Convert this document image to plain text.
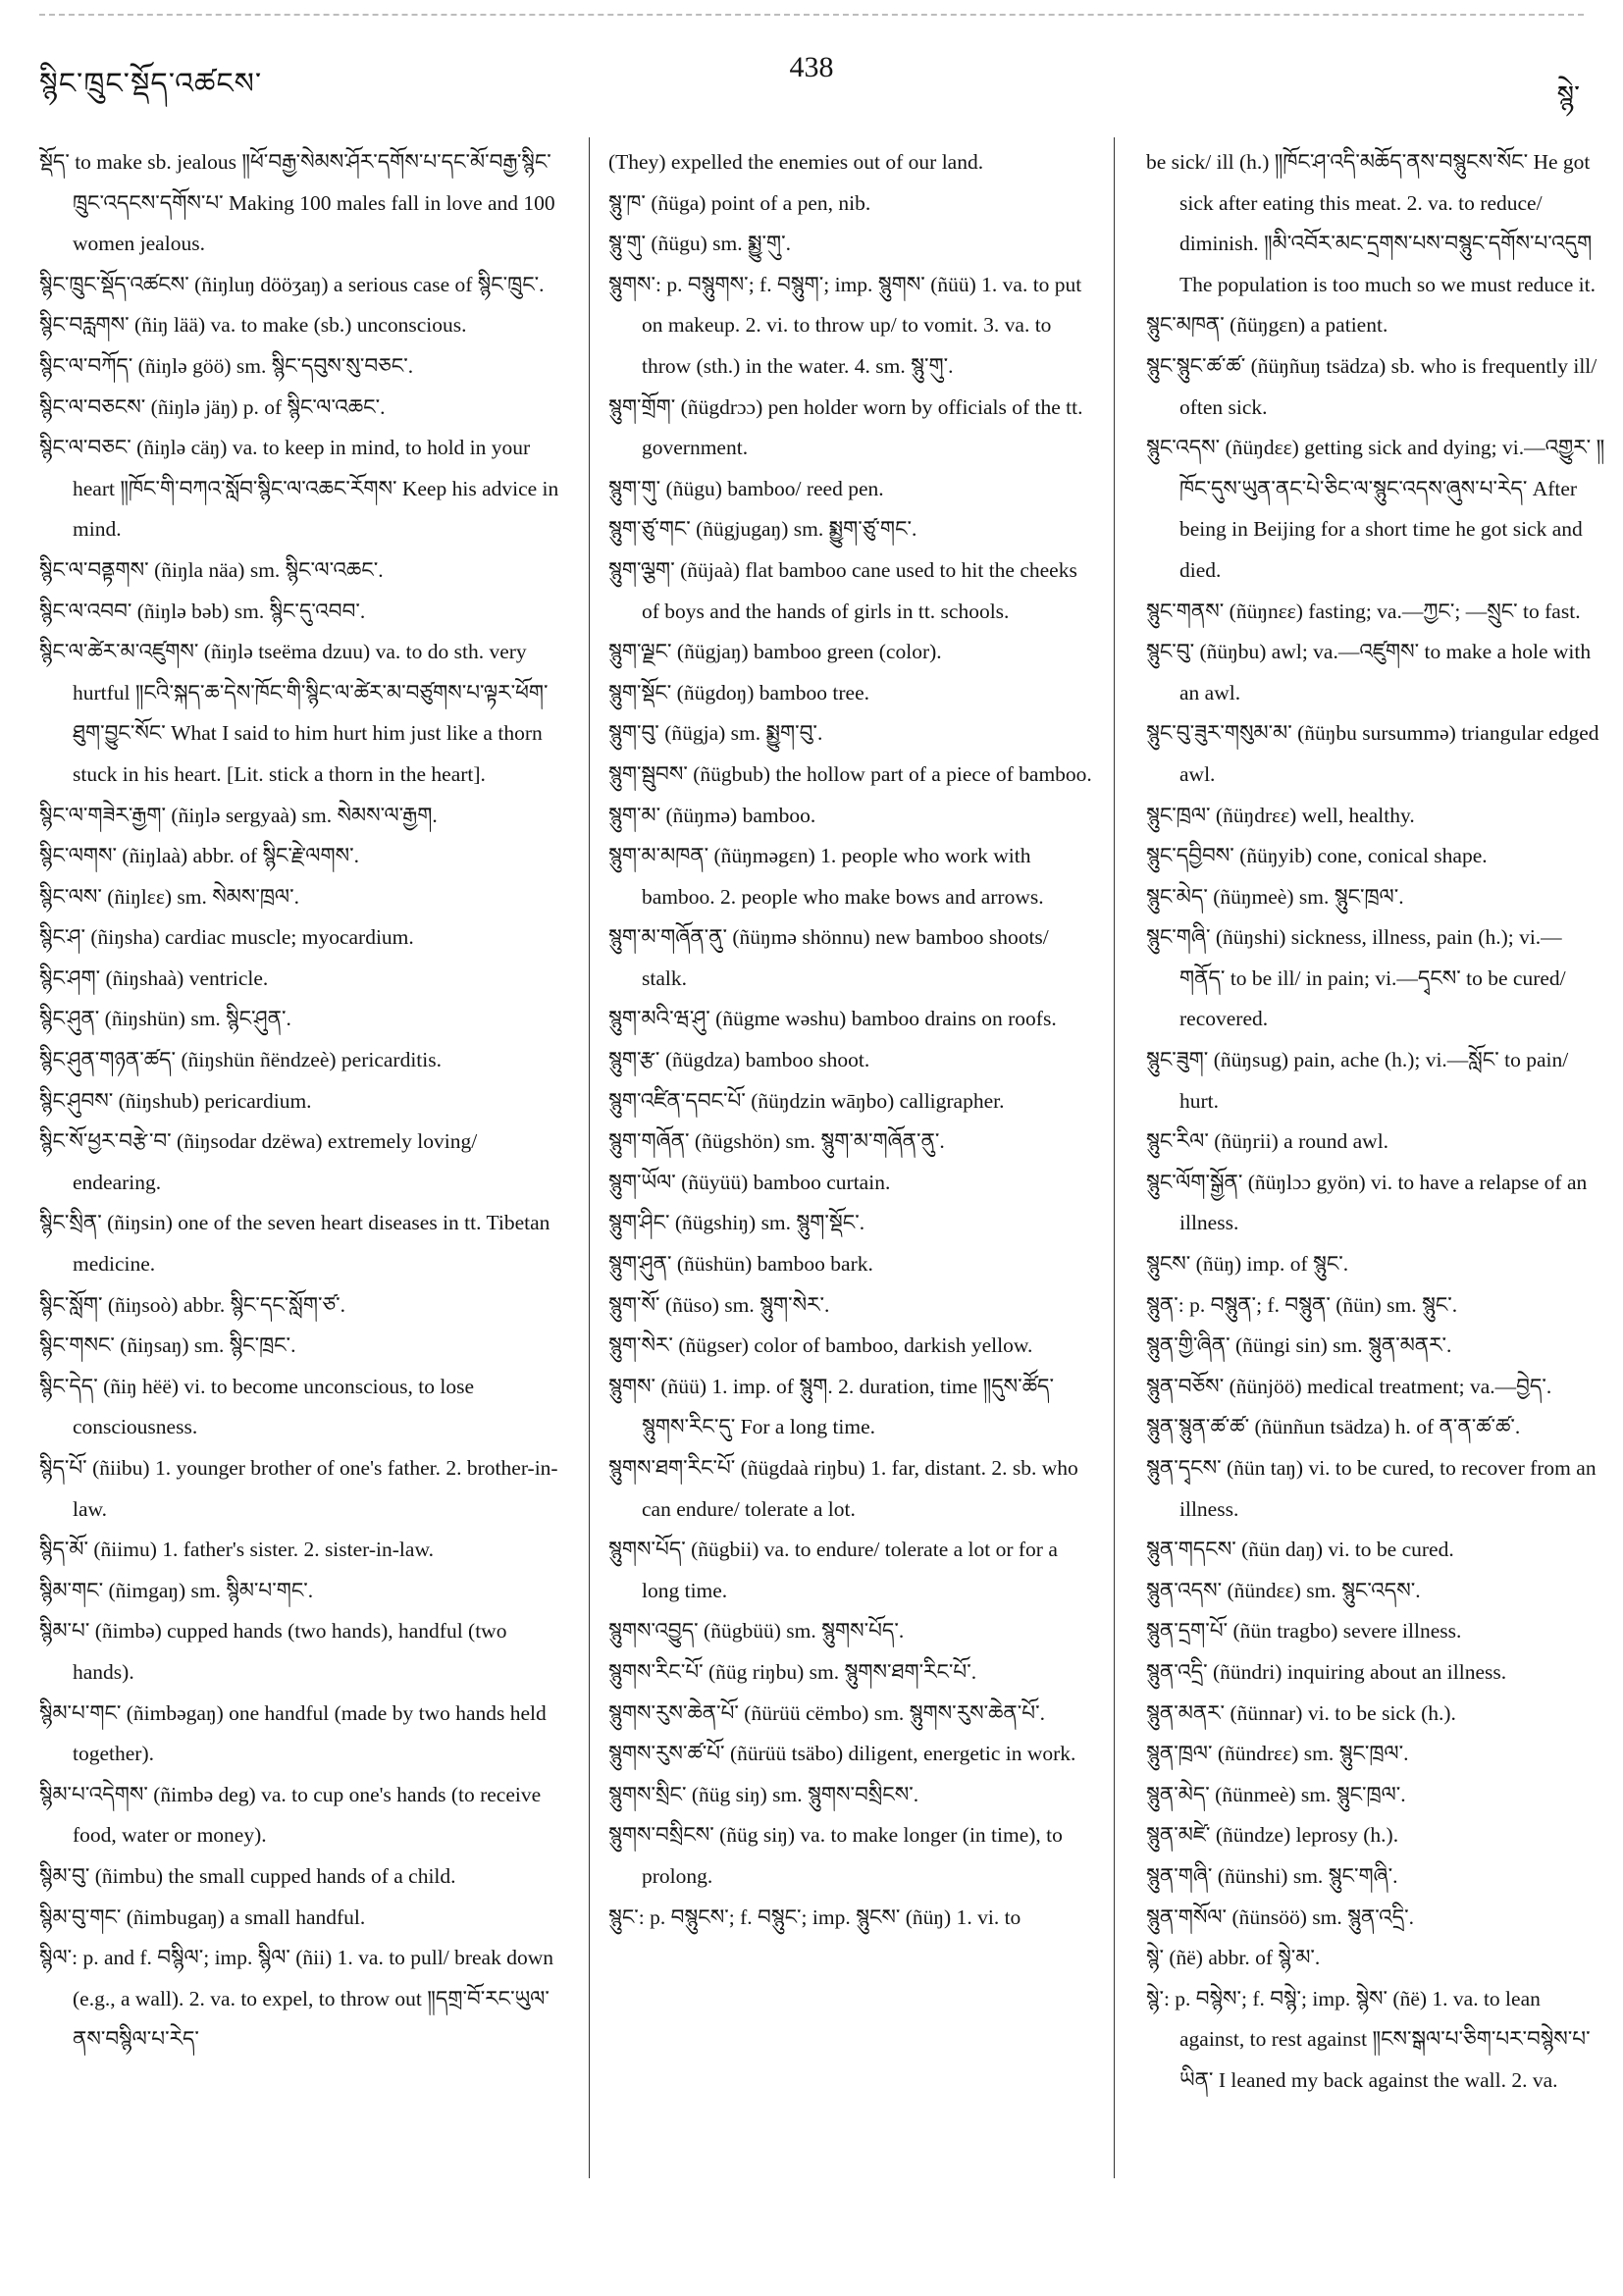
སྙིང་ཁྲུང་སྡོད་འཚངས་
438
སྙེ་

སྡོད་ to make sb. jealous ༎ཕོ་བརྒྱ་སེམས་ཤོར་དགོས་པ་དང་མོ་བརྒྱ་སྙིང་ཁྲུང་འདངས་དགོས་པ་ Making 100 males fall in love and 100 women jealous.

སྙིང་ཁྲུང་སྡོད་འཚངས་ (ñiŋluŋ dööӡaŋ) a serious case of སྙིང་ཁྲུང་.

སྙིང་བརླགས་ (ñiŋ lää) va. to make (sb.) unconscious.

སྙིང་ལ་བཀོད་ (ñiŋlə göö) sm. སྙིང་དབུས་སུ་བཅང་.

སྙིང་ལ་བཅངས་ (ñiŋlə jäŋ) p. of སྙིང་ལ་འཆང་.

སྙིང་ལ་བཅང་ (ñiŋlə cäŋ) va. to keep in mind, to hold in your heart ༎ཁོང་གི་བཀའ་སློབ་སྙིང་ལ་འཆང་རོགས་ Keep his advice in mind.

སྙིང་ལ་བནྟགས་ (ñiŋla näa) sm. སྙིང་ལ་འཆང་.

སྙིང་ལ་འབབ་ (ñiŋlə bəb) sm. སྙིང་དུ་འབབ་.

སྙིང་ལ་ཚེར་མ་འཛུགས་ (ñiŋlə tseëma dzuu) va. to do sth. very hurtful ༎ངའི་སྐད་ཆ་དེས་ཁོང་གི་སྙིང་ལ་ཚེར་མ་བཙུགས་པ་ལྟར་ཕོག་ཐུག་བྱུང་སོང་ What I said to him hurt him just like a thorn stuck in his heart. [Lit. stick a thorn in the heart].

སྙིང་ལ་གཟེར་རྒྱག་ (ñiŋlə sergyaà) sm. སེམས་ལ་རྒྱག.

སྙིང་ལགས་ (ñiŋlaà) abbr. of སྙིང་རྗེ་ལགས་.

སྙིང་ལས་ (ñiŋlɛɛ) sm. སེམས་ཁྲལ་.

སྙིང་ཤ་ (ñiŋsha) cardiac muscle; myocardium.

སྙིང་ཤག་ (ñiŋshaà) ventricle.

སྙིང་ཤུན་ (ñiŋshün) sm. སྙིང་ཤུན་.

སྙིང་ཤུན་གཉན་ཚད་ (ñiŋshün ñëndzeè) pericarditis.

སྙིང་ཤུབས་ (ñiŋshub) pericardium.

སྙིང་སོ་ཕྱར་བརྩེ་བ་ (ñiŋsodar dzëwa) extremely loving/ endearing.

སྙིང་སྲིན་ (ñiŋsin) one of the seven heart diseases in tt. Tibetan medicine.

སྙིང་སློག་ (ñiŋsoò) abbr. སྙིང་དང་སློག་ཙ་.

སྙིང་གསང་ (ñiŋsaŋ) sm. སྙིང་ཁྲང་.

སྙིང་དེད་ (ñiŋ hëë) vi. to become unconscious, to lose consciousness.

སྙིད་པོ་ (ñiibu) 1. younger brother of one's father. 2. brother-in-law.

སྙིད་མོ་ (ñiimu) 1. father's sister. 2. sister-in-law.

སྙིམ་གང་ (ñimgaŋ) sm. སྙིམ་པ་གང་.

སྙིམ་པ་ (ñimbə) cupped hands (two hands), handful (two hands).

སྙིམ་པ་གང་ (ñimbəgaŋ) one handful (made by two hands held together).

སྙིམ་པ་འདེགས་ (ñimbə deg) va. to cup one's hands (to receive food, water or money).

སྙིམ་བུ་ (ñimbu) the small cupped hands of a child.

སྙིམ་བུ་གང་ (ñimbugaŋ) a small handful.

སྙིལ་: p. and f. བསྙིལ་; imp. སྙིལ་ (ñii) 1. va. to pull/ break down (e.g., a wall). 2. va. to expel, to throw out ༎དགྲ་བོ་རང་ཡུལ་ནས་བསྙིལ་པ་རེད་

(They) expelled the enemies out of our land.

སྙུ་ཁ་ (ñüga) point of a pen, nib.

སྙུ་གུ་ (ñügu) sm. སྨྱུ་གུ་.

སྙུགས་: p. བསྙུགས་; f. བསྙུག་; imp. སྙུགས་ (ñüü) 1. va. to put on makeup. 2. vi. to throw up/ to vomit. 3. va. to throw (sth.) in the water. 4. sm. སྙུ་གུ་.

སྙུག་གྲོག་ (ñügdrɔɔ) pen holder worn by officials of the tt. government.

སྙུག་གུ་ (ñügu) bamboo/ reed pen.

སྙུག་ཙུ་གང་ (ñügjugaŋ) sm. སྨྱུག་ཙུ་གང་.

སྙུག་ལྕག་ (ñüjaà) flat bamboo cane used to hit the cheeks of boys and the hands of girls in tt. schools.

སྙུག་ལྗང་ (ñügjaŋ) bamboo green (color).

སྙུག་སྡོང་ (ñügdoŋ) bamboo tree.

སྙུག་བུ་ (ñügja) sm. སྨྱུག་བུ་.

སྙུག་སྦུབས་ (ñügbub) the hollow part of a piece of bamboo.

སྙུག་མ་ (ñüŋmə) bamboo.

སྙུག་མ་མཁན་ (ñüŋməgɛn) 1. people who work with bamboo. 2. people who make bows and arrows.

སྙུག་མ་གཞོན་ནུ་ (ñüŋmə shönnu) new bamboo shoots/ stalk.

སྙུག་མའི་ཝ་ཤུ་ (ñügme wəshu) bamboo drains on roofs.

སྙུག་རྩ་ (ñügdza) bamboo shoot.

སྙུག་འཛིན་དབང་པོ་ (ñüŋdzin wāŋbo) calligrapher.

སྙུག་གཞོན་ (ñügshön) sm. སྙུག་མ་གཞོན་ནུ་.

སྙུག་ཡོལ་ (ñüyüü) bamboo curtain.

སྙུག་ཤིང་ (ñügshiŋ) sm. སྙུག་སྡོང་.

སྙུག་ཤུན་ (ñüshün) bamboo bark.

སྙུག་སོ་ (ñüso) sm. སྙུག་སེར་.

སྙུག་སེར་ (ñügser) color of bamboo, darkish yellow.

སྙུགས་ (ñüü) 1. imp. of སྙུག. 2. duration, time ༎དུས་ཚོད་སྙུགས་རིང་དུ་ For a long time.

སྙུགས་ཐག་རིང་པོ་ (ñügdaà riŋbu) 1. far, distant. 2. sb. who can endure/ tolerate a lot.

སྙུགས་པོད་ (ñügbii) va. to endure/ tolerate a lot or for a long time.

སྙུགས་འབྱུད་ (ñügbüü) sm. སྙུགས་པོད་.

སྙུགས་རིང་པོ་ (ñüg riŋbu) sm. སྙུགས་ཐག་རིང་པོ་.

སྙུགས་རུས་ཆེན་པོ་ (ñürüü cëmbo) sm. སྙུགས་རུས་ཆེན་པོ་.

སྙུགས་རུས་ཚ་པོ་ (ñürüü tsäbo) diligent, energetic in work.

སྙུགས་སྲིང་ (ñüg siŋ) sm. སྙུགས་བསྲིངས་.

སྙུགས་བསྲིངས་ (ñüg siŋ) va. to make longer (in time), to prolong.

སྙུང་: p. བསྙུངས་; f. བསྙུང་; imp. སྙུངས་ (ñüŋ) 1. vi. to

be sick/ ill (h.) ༎ཁོང་ཤ་འདི་མཆོད་ནས་བསྙུངས་སོང་ He got sick after eating this meat. 2. va. to reduce/ diminish. ༎མི་འབོར་མང་དྲགས་པས་བསྙུང་དགོས་པ་འདུག The population is too much so we must reduce it.

སྙུང་མཁན་ (ñüŋgɛn) a patient.

སྙུང་སྙུང་ཚ་ཚ་ (ñüŋñuŋ tsädza) sb. who is frequently ill/ often sick.

སྙུང་འདས་ (ñüŋdɛɛ) getting sick and dying; vi.—འགྱུར་ ༎ཁོང་དུས་ཡུན་ནང་པེ་ཅིང་ལ་སྙུང་འདས་ཞུས་པ་རེད་ After being in Beijing for a short time he got sick and died.

སྙུང་གནས་ (ñüŋnɛɛ) fasting; va.—ཀྱང་; —སྲུང་ to fast.

སྙུང་བུ་ (ñüŋbu) awl; va.—འཛུགས་ to make a hole with an awl.

སྙུང་བུ་ཟུར་གསུམ་མ་ (ñüŋbu sursummə) triangular edged awl.

སྙུང་ཁྲལ་ (ñüŋdrɛɛ) well, healthy.

སྙུང་དབྱིབས་ (ñüŋyib) cone, conical shape.

སྙུང་མེད་ (ñüŋmeè) sm. སྙུང་ཁྲལ་.

སྙུང་གཞི་ (ñüŋshi) sickness, illness, pain (h.); vi.—གནོད་ to be ill/ in pain; vi.—དྭངས་ to be cured/ recovered.

སྙུང་ཟུག་ (ñüŋsug) pain, ache (h.); vi.—སློང་ to pain/ hurt.

སྙུང་རིལ་ (ñüŋrii) a round awl.

སྙུང་ལོག་སྒྱོན་ (ñüŋlɔɔ gyön) vi. to have a relapse of an illness.

སྙུངས་ (ñüŋ) imp. of སྙུང་.

སྙུན་: p. བསྙུན་; f. བསྙུན་ (ñün) sm. སྙུང་.

སྙུན་གྱི་ཞིན་ (ñüngi sin) sm. སྙུན་མནར་.

སྙུན་བཅོས་ (ñünjöö) medical treatment; va.—བྱེད་.

སྙུན་སྙུན་ཚ་ཚ་ (ñünñun tsädza) h. of ན་ན་ཚ་ཚ་.

སྙུན་དྭངས་ (ñün taŋ) vi. to be cured, to recover from an illness.

སྙུན་གདངས་ (ñün daŋ) vi. to be cured.

སྙུན་འདས་ (ñündɛɛ) sm. སྙུང་འདས་.

སྙུན་དྲག་པོ་ (ñün tragbo) severe illness.

སྙུན་འདྲི་ (ñündri) inquiring about an illness.

སྙུན་མནར་ (ñünnar) vi. to be sick (h.).

སྙུན་ཁྲལ་ (ñündrɛɛ) sm. སྙུང་ཁྲལ་.

སྙུན་མེད་ (ñünmeè) sm. སྙུང་ཁྲལ་.

སྙུན་མཛེ་ (ñündze) leprosy (h.).

སྙུན་གཞི་ (ñünshi) sm. སྙུང་གཞི་.

སྙུན་གསོལ་ (ñünsöö) sm. སྙུན་འདྲི་.

སྙེ་ (ñë) abbr. of སྙེ་མ་.

སྙེ་: p. བསྙེས་; f. བསྙེ་; imp. སྙེས་ (ñë) 1. va. to lean against, to rest against ༎ངས་སྒལ་པ་ཅིག་པར་བསྙེས་པ་ཡིན་ I leaned my back against the wall. 2. va.
